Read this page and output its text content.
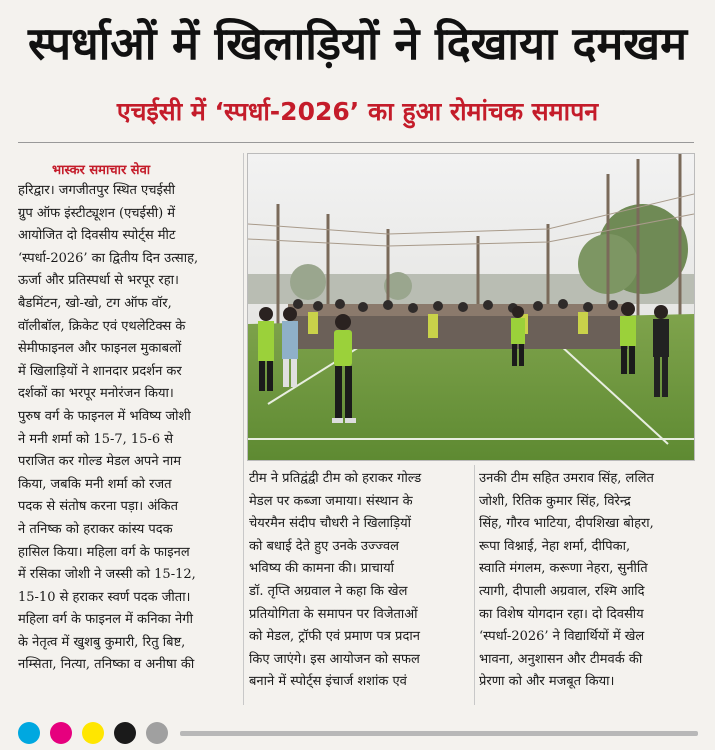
स्पर्धाओं में खिलाड़ियों ने दिखाया दमखम
एचईसी में ‘स्पर्धा-2026’ का हुआ रोमांचक समापन
भास्कर समाचार सेवा

हरिद्वार। जगजीतपुर स्थित एचईसी

ग्रुप ऑफ इंस्टीट्यूशन (एचईसी) में

आयोजित दो दिवसीय स्पोर्ट्स मीट

‘स्पर्धा-2026’ का द्वितीय दिन उत्साह,

ऊर्जा और प्रतिस्पर्धा से भरपूर रहा।

बैडमिंटन, खो-खो, टग ऑफ वॉर,

वॉलीबॉल, क्रिकेट एवं एथलेटिक्स के

सेमीफाइनल और फाइनल मुकाबलों

में खिलाड़ियों ने शानदार प्रदर्शन कर

दर्शकों का भरपूर मनोरंजन किया।

पुरुष वर्ग के फाइनल में भविष्य जोशी

ने मनी शर्मा को 15-7, 15-6 से

पराजित कर गोल्ड मेडल अपने नाम

किया, जबकि मनी शर्मा को रजत

पदक से संतोष करना पड़ा। अंकित

ने तनिष्क को हराकर कांस्य पदक

हासिल किया। महिला वर्ग के फाइनल

में रसिका जोशी ने जस्सी को 15-12,

15-10 से हराकर स्वर्ण पदक जीता।

महिला वर्ग के फाइनल में कनिका नेगी

के नेतृत्व में खुशबु कुमारी, रितु बिष्ट,

नम्सिता, नित्या, तनिष्का व अनीषा की

टीम ने प्रतिद्वंद्वी टीम को हराकर गोल्ड

मेडल पर कब्जा जमाया। संस्थान के

चेयरमैन संदीप चौधरी ने खिलाड़ियों

को बधाई देते हुए उनके उज्ज्वल

भविष्य की कामना की। प्राचार्या

डॉ. तृप्ति अग्रवाल ने कहा कि खेल

प्रतियोगिता के समापन पर विजेताओं

को मेडल, ट्रॉफी एवं प्रमाण पत्र प्रदान

किए जाएंगे। इस आयोजन को सफल

बनाने में स्पोर्ट्स इंचार्ज शशांक एवं

उनकी टीम सहित उमराव सिंह, ललित

जोशी, रितिक कुमार सिंह, विरेन्द्र

सिंह, गौरव भाटिया, दीपशिखा बोहरा,

रूपा विश्नाई, नेहा शर्मा, दीपिका,

स्वाति मंगलम, करूणा नेहरा, सुनीति

त्यागी, दीपाली अग्रवाल, रश्मि आदि

का विशेष योगदान रहा। दो दिवसीय

‘स्पर्धा-2026’ ने विद्यार्थियों में खेल

भावना, अनुशासन और टीमवर्क की

प्रेरणा को और मजबूत किया।
